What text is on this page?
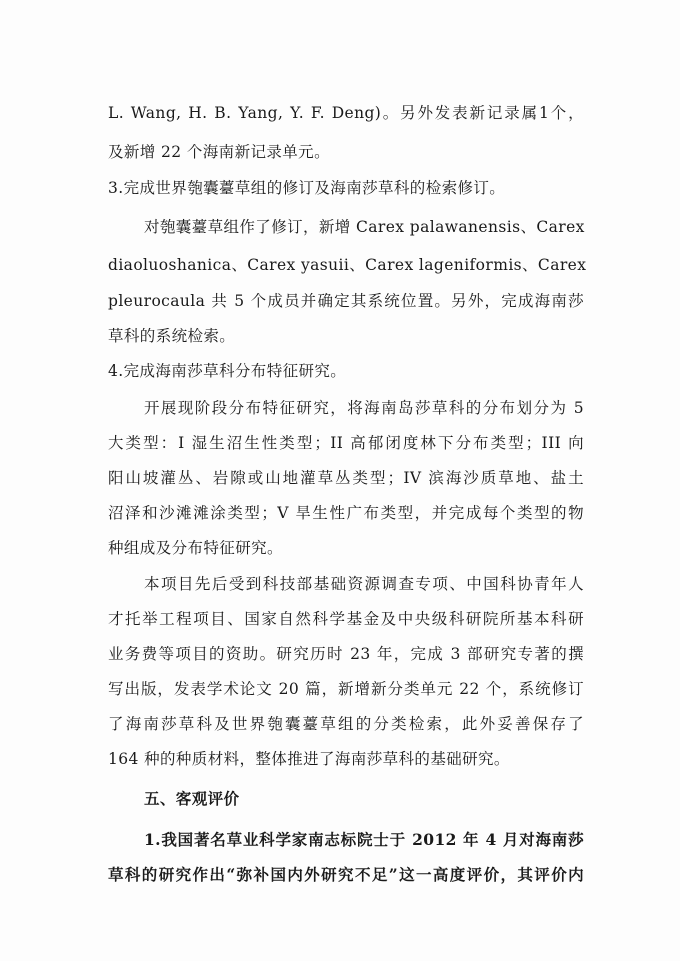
L. Wang, H. B. Yang, Y. F. Deng)。另外发表新记录属1个，
及新增 22 个海南新记录单元。
3.完成世界匏囊薹草组的修订及海南莎草科的检索修订。
对匏囊薹草组作了修订，新增 Carex palawanensis、Carex
diaoluoshanica、Carex yasuii、Carex lageniformis、Carex
pleurocaula 共 5 个成员并确定其系统位置。另外，完成海南莎
草科的系统检索。
4.完成海南莎草科分布特征研究。
开展现阶段分布特征研究，将海南岛莎草科的分布划分为 5
大类型：I 湿生沼生性类型；II 高郁闭度林下分布类型；III 向
阳山坡灌丛、岩隙或山地灌草丛类型；IV 滨海沙质草地、盐土
沼泽和沙滩滩涂类型；V 旱生性广布类型，并完成每个类型的物
种组成及分布特征研究。
本项目先后受到科技部基础资源调查专项、中国科协青年人
才托举工程项目、国家自然科学基金及中央级科研院所基本科研
业务费等项目的资助。研究历时 23 年，完成 3 部研究专著的撰
写出版，发表学术论文 20 篇，新增新分类单元 22 个，系统修订
了海南莎草科及世界匏囊薹草组的分类检索，此外妥善保存了
164 种的种质材料，整体推进了海南莎草科的基础研究。
五、客观评价
1.我国著名草业科学家南志标院士于 2012 年 4 月对海南莎
草科的研究作出“弥补国内外研究不足”这一高度评价，其评价内
